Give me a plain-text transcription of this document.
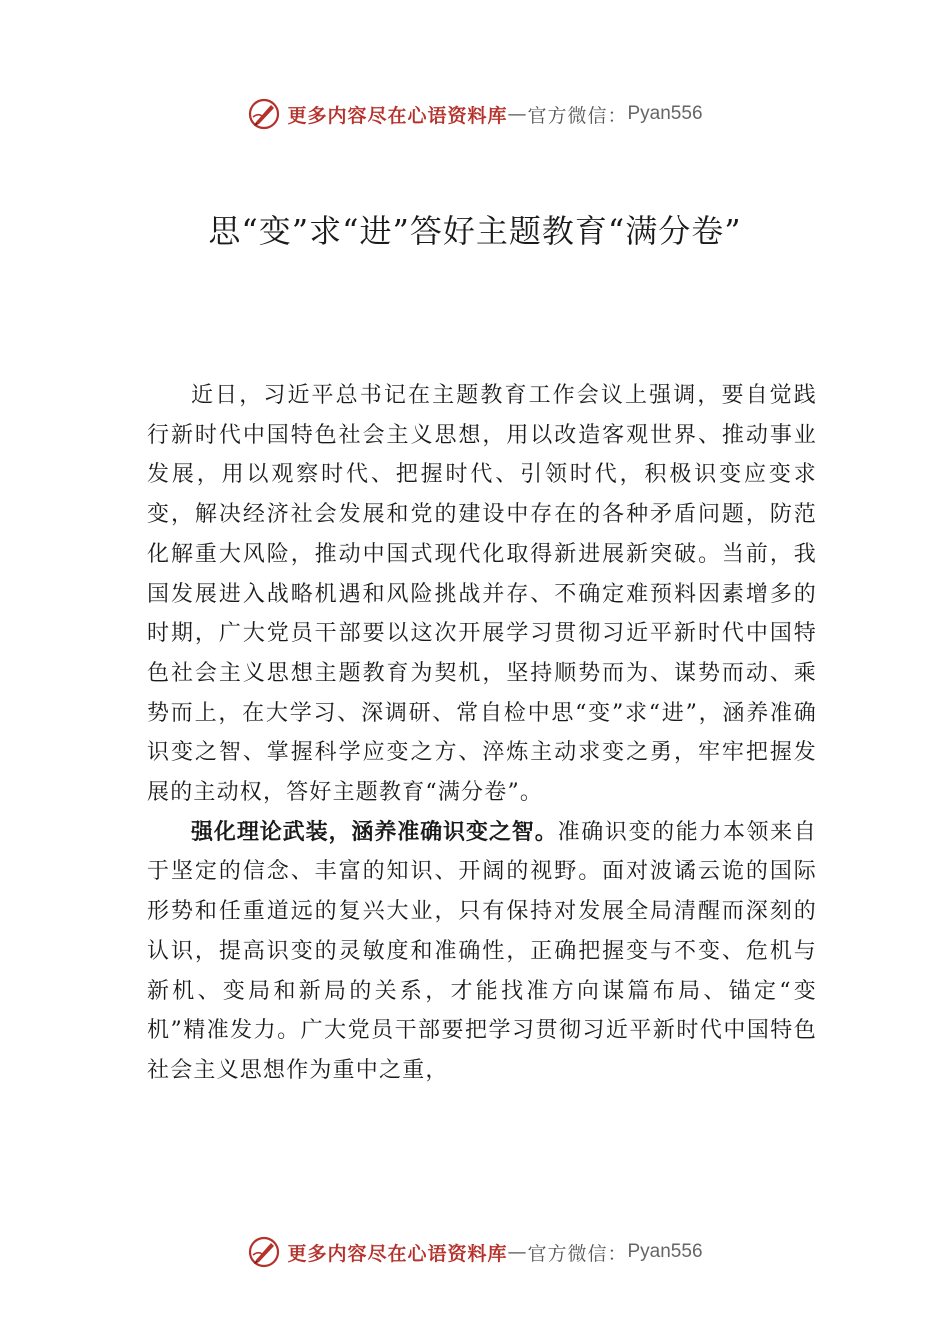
更多内容尽在心语资料库 — 官方微信： Pyan556
思“变”求“进”答好主题教育“满分卷”

近日，习近平总书记在主题教育工作会议上强调，要自觉践行新时代中国特色社会主义思想，用以改造客观世界、推动事业发展，用以观察时代、把握时代、引领时代，积极识变应变求变，解决经济社会发展和党的建设中存在的各种矛盾问题，防范化解重大风险，推动中国式现代化取得新进展新突破。当前，我国发展进入战略机遇和风险挑战并存、不确定难预料因素增多的时期，广大党员干部要以这次开展学习贯彻习近平新时代中国特色社会主义思想主题教育为契机，坚持顺势而为、谋势而动、乘势而上，在大学习、深调研、常自检中思“变”求“进”，涵养准确识变之智、掌握科学应变之方、淬炼主动求变之勇，牢牢把握发展的主动权，答好主题教育“满分卷”。

强化理论武装，涵养准确识变之智。准确识变的能力本领来自于坚定的信念、丰富的知识、开阔的视野。面对波谲云诡的国际形势和任重道远的复兴大业，只有保持对发展全局清醒而深刻的认识，提高识变的灵敏度和准确性，正确把握变与不变、危机与新机、变局和新局的关系，才能找准方向谋篇布局、锚定“变机”精准发力。广大党员干部要把学习贯彻习近平新时代中国特色社会主义思想作为重中之重，

更多内容尽在心语资料库 — 官方微信： Pyan556
